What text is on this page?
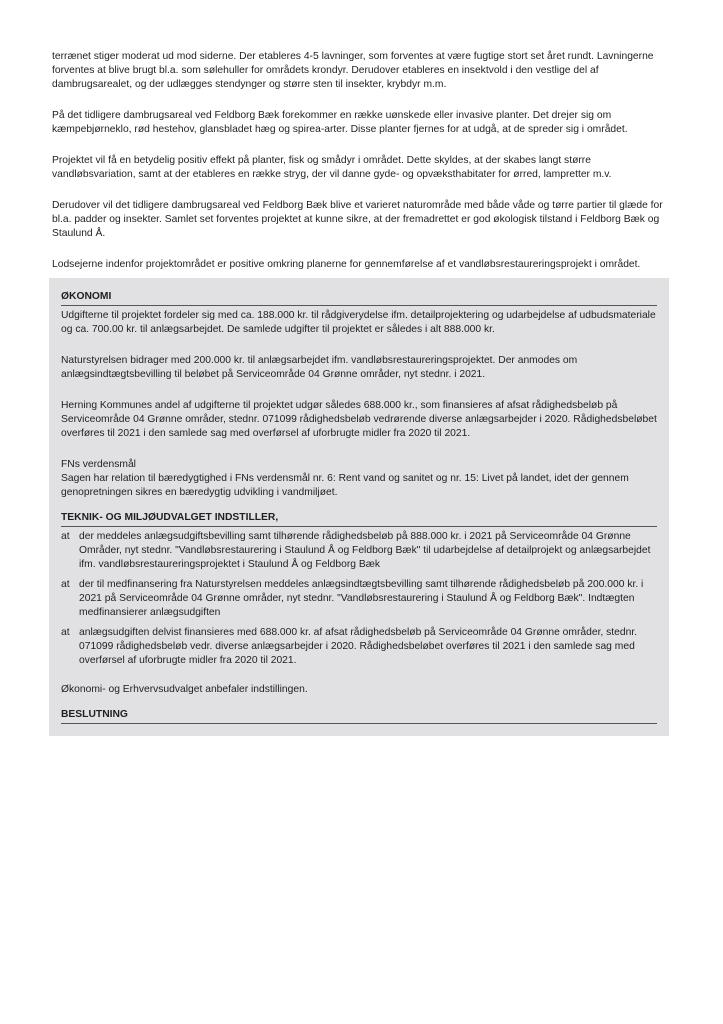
terrænet stiger moderat ud mod siderne. Der etableres 4-5 lavninger, som forventes at være fugtige stort set året rundt. Lavningerne forventes at blive brugt bl.a. som sølehuller for områdets krondyr. Derudover etableres en insektvold i den vestlige del af dambrugsarealet, og der udlægges stendynger og større sten til insekter, krybdyr m.m.

På det tidligere dambrugsareal ved Feldborg Bæk forekommer en række uønskede eller invasive planter. Det drejer sig om kæmpebjørneklo, rød hestehov, glansbladet hæg og spirea-arter. Disse planter fjernes for at udgå, at de spreder sig i området.

Projektet vil få en betydelig positiv effekt på planter, fisk og smådyr i området. Dette skyldes, at der skabes langt større vandløbsvariation, samt at der etableres en række stryg, der vil danne gyde- og opvæksthabitater for ørred, lampretter m.v.

Derudover vil det tidligere dambrugsareal ved Feldborg Bæk blive et varieret naturområde med både våde og tørre partier til glæde for bl.a. padder og insekter. Samlet set forventes projektet at kunne sikre, at der fremadrettet er god økologisk tilstand i Feldborg Bæk og Staulund Å.

Lodsejerne indenfor projektområdet er positive omkring planerne for gennemførelse af et vandløbsrestaureringsprojekt i området.

ØKONOMI

Udgifterne til projektet fordeler sig med ca. 188.000 kr. til rådgiverydelse ifm. detailprojektering og udarbejdelse af udbudsmateriale og ca. 700.00 kr. til anlægsarbejdet. De samlede udgifter til projektet er således i alt 888.000 kr.

Naturstyrelsen bidrager med 200.000 kr. til anlægsarbejdet ifm. vandløbsrestaureringsprojektet. Der anmodes om anlægsindtægtsbevilling til beløbet på Serviceområde 04 Grønne områder, nyt stednr. i 2021.

Herning Kommunes andel af udgifterne til projektet udgør således 688.000 kr., som finansieres af afsat rådighedsbeløb på Serviceområde 04 Grønne områder, stednr. 071099 rådighedsbeløb vedrørende diverse anlægsarbejder i 2020. Rådighedsbeløbet overføres til 2021 i den samlede sag med overførsel af uforbrugte midler fra 2020 til 2021.

FNs verdensmål

Sagen har relation til bæredygtighed i FNs verdensmål nr. 6: Rent vand og sanitet og nr. 15: Livet på landet, idet der gennem genopretningen sikres en bæredygtig udvikling i vandmiljøet.

TEKNIK- OG MILJØUDVALGET INDSTILLER,
at der meddeles anlægsudgiftsbevilling samt tilhørende rådighedsbeløb på 888.000 kr. i 2021 på Serviceområde 04 Grønne Områder, nyt stednr. "Vandløbsrestaurering i Staulund Å og Feldborg Bæk" til udarbejdelse af detailprojekt og anlægsarbejdet ifm. vandløbsrestaureringsprojektet i Staulund Å og Feldborg Bæk
at der til medfinansering fra Naturstyrelsen meddeles anlægsindtægtsbevilling samt tilhørende rådighedsbeløb på 200.000 kr. i 2021 på Serviceområde 04 Grønne områder, nyt stednr. "Vandløbsrestaurering i Staulund Å og Feldborg Bæk". Indtægten medfinansierer anlægsudgiften
at anlægsudgiften delvist finansieres med 688.000 kr. af afsat rådighedsbeløb på Serviceområde 04 Grønne områder, stednr. 071099 rådighedsbeløb vedr. diverse anlægsarbejder i 2020. Rådighedsbeløbet overføres til 2021 i den samlede sag med overførsel af uforbrugte midler fra 2020 til 2021.

Økonomi- og Erhvervsudvalget anbefaler indstillingen.

BESLUTNING
